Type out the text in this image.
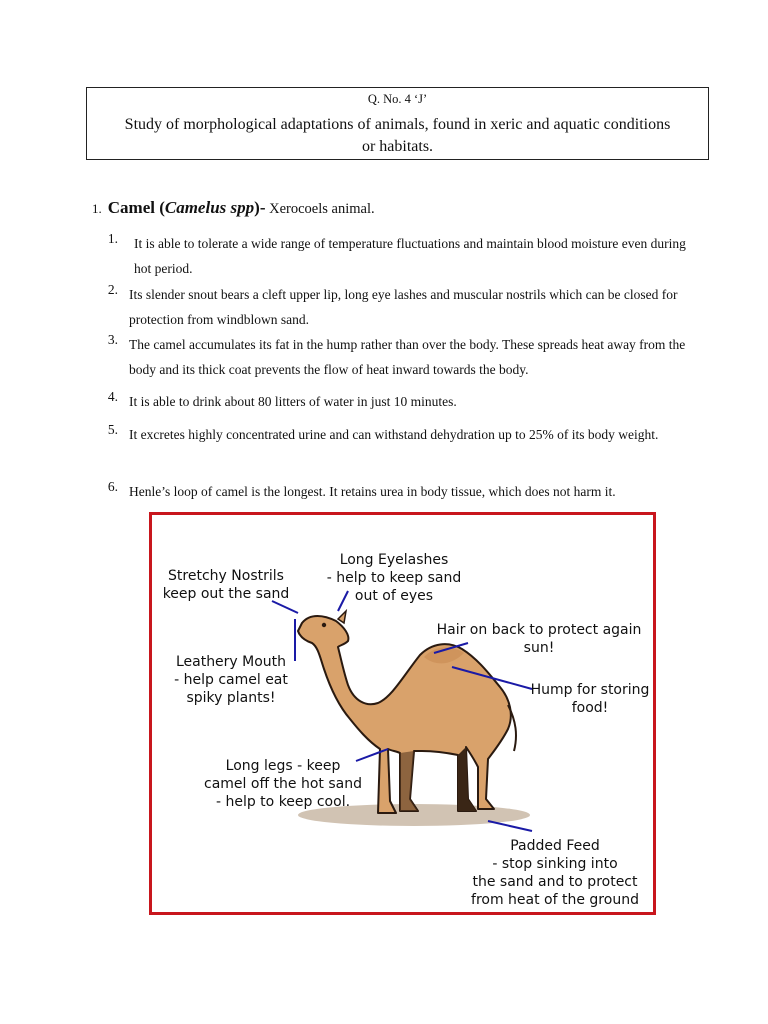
Q. No. 4 ‘J’
Study of morphological adaptations of animals, found in xeric and aquatic conditions or habitats.
1. Camel (Camelus spp)- Xerocoels animal.
1. It is able to tolerate a wide range of temperature fluctuations and maintain blood moisture even during hot period.
2. Its slender snout bears a cleft upper lip, long eye lashes and muscular nostrils which can be closed for protection from windblown sand.
3. The camel accumulates its fat in the hump rather than over the body. These spreads heat away from the body and its thick coat prevents the flow of heat inward towards the body.
4. It is able to drink about 80 litters of water in just 10 minutes.
5. It excretes highly concentrated urine and can withstand dehydration up to 25% of its body weight.
6. Henle’s loop of camel is the longest. It retains urea in body tissue, which does not harm it.
Stretchy Nostrils
keep out the sand
Long Eyelashes
- help to keep sand
out of eyes
Hair on back to protect again
sun!
Leathery Mouth
- help camel eat
spiky plants!	Hump for storing
food!
Long legs - keep
camel off the hot sand
- help to keep cool.
Padded Feed
- stop sinking into
the sand and to protect
from heat of the ground
